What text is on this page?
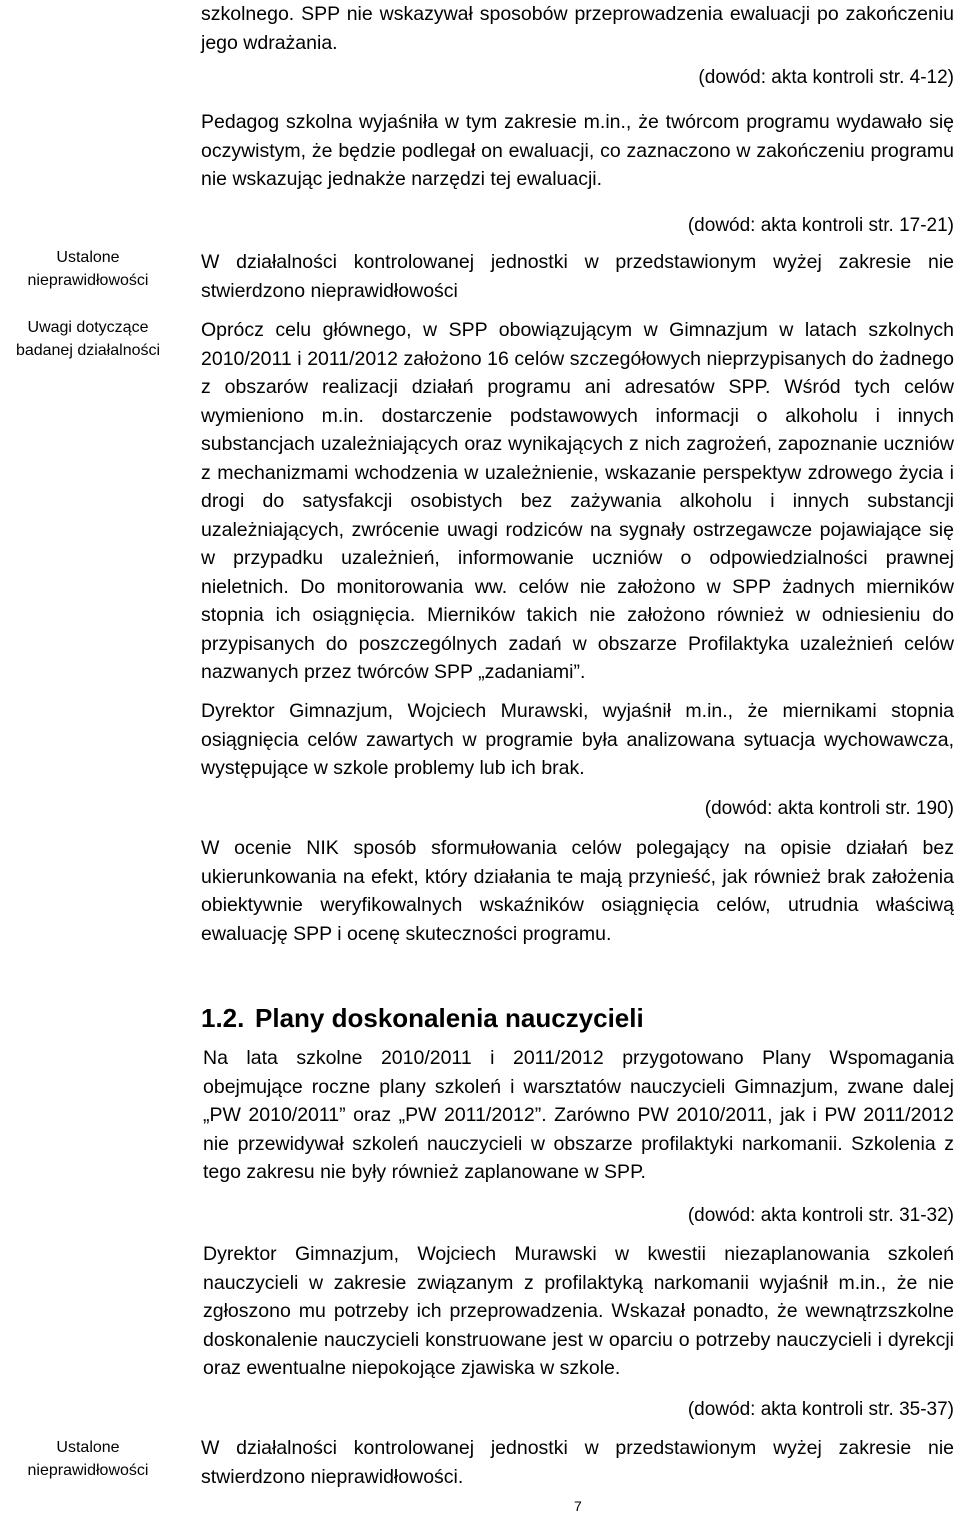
szkolnego. SPP nie wskazywał sposobów przeprowadzenia ewaluacji po zakończeniu jego wdrażania.
(dowód: akta kontroli str. 4-12)
Pedagog szkolna wyjaśniła w tym zakresie m.in., że twórcom programu wydawało się oczywistym, że będzie podlegał on ewaluacji, co zaznaczono w zakończeniu programu nie wskazując jednakże narzędzi tej ewaluacji.
(dowód: akta kontroli str. 17-21)
Ustalone nieprawidłowości
W działalności kontrolowanej jednostki w przedstawionym wyżej zakresie nie stwierdzono nieprawidłowości
Uwagi dotyczące badanej działalności
Oprócz celu głównego, w SPP obowiązującym w Gimnazjum w latach szkolnych 2010/2011 i 2011/2012 założono 16 celów szczegółowych nieprzypisanych do żadnego z obszarów realizacji działań programu ani adresatów SPP. Wśród tych celów wymieniono m.in. dostarczenie podstawowych informacji o alkoholu i innych substancjach uzależniających oraz wynikających z nich zagrożeń, zapoznanie uczniów z mechanizmami wchodzenia w uzależnienie, wskazanie perspektyw zdrowego życia i drogi do satysfakcji osobistych bez zażywania alkoholu i innych substancji uzależniających, zwrócenie uwagi rodziców na sygnały ostrzegawcze pojawiające się w przypadku uzależnień, informowanie uczniów o odpowiedzialności prawnej nieletnich. Do monitorowania ww. celów nie założono w SPP żadnych mierników stopnia ich osiągnięcia. Mierników takich nie założono również w odniesieniu do przypisanych do poszczególnych zadań w obszarze Profilaktyka uzależnień celów nazwanych przez twórców SPP „zadaniami”.
Dyrektor Gimnazjum, Wojciech Murawski, wyjaśnił m.in., że miernikami stopnia osiągnięcia celów zawartych w programie była analizowana sytuacja wychowawcza, występujące w szkole problemy lub ich brak.
(dowód: akta kontroli str. 190)
W ocenie NIK sposób sformułowania celów polegający na opisie działań bez ukierunkowania na efekt, który działania te mają przynieść, jak również brak założenia obiektywnie weryfikowalnych wskaźników osiągnięcia celów, utrudnia właściwą ewaluację SPP i ocenę skuteczności programu.
1.2. Plany doskonalenia nauczycieli
Na lata szkolne 2010/2011 i 2011/2012 przygotowano Plany Wspomagania obejmujące roczne plany szkoleń i warsztatów nauczycieli Gimnazjum, zwane dalej „PW 2010/2011” oraz „PW 2011/2012”. Zarówno PW 2010/2011, jak i PW 2011/2012 nie przewidywał szkoleń nauczycieli w obszarze profilaktyki narkomanii. Szkolenia z tego zakresu nie były również zaplanowane w SPP.
(dowód: akta kontroli str. 31-32)
Dyrektor Gimnazjum, Wojciech Murawski w kwestii niezaplanowania szkoleń nauczycieli w zakresie związanym z profilaktyką narkomanii wyjaśnił m.in., że nie zgłoszono mu potrzeby ich przeprowadzenia. Wskazał ponadto, że wewnątrzszkolne doskonalenie nauczycieli konstruowane jest w oparciu o potrzeby nauczycieli i dyrekcji oraz ewentualne niepokojące zjawiska w szkole.
(dowód: akta kontroli str. 35-37)
Ustalone nieprawidłowości
W działalności kontrolowanej jednostki w przedstawionym wyżej zakresie nie stwierdzono nieprawidłowości.
7
